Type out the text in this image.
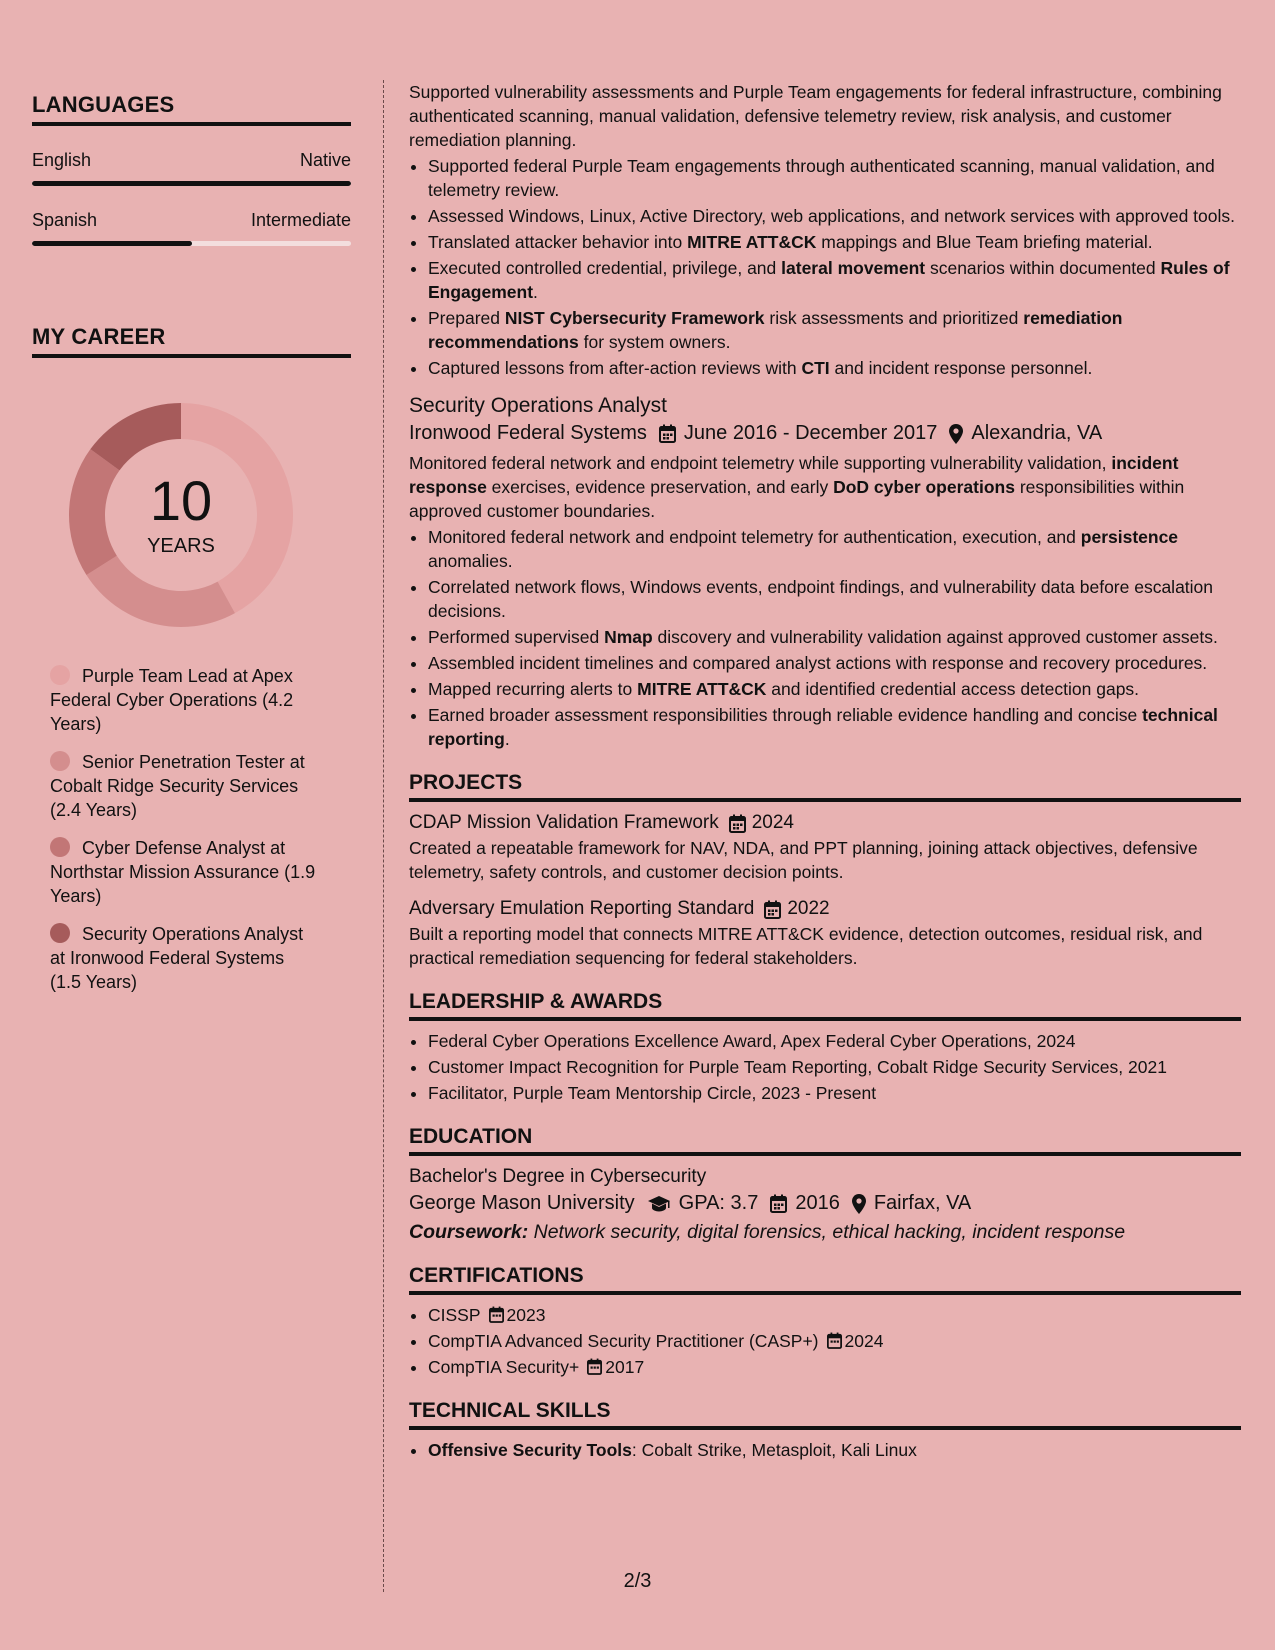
LANGUAGES
English	Native
Spanish	Intermediate
MY CAREER
10
YEARS
Purple Team Lead at Apex Federal Cyber Operations (4.2 Years)
Senior Penetration Tester at Cobalt Ridge Security Services (2.4 Years)
Cyber Defense Analyst at Northstar Mission Assurance (1.9 Years)
Security Operations Analyst at Ironwood Federal Systems (1.5 Years)

Supported vulnerability assessments and Purple Team engagements for federal infrastructure, combining authenticated scanning, manual validation, defensive telemetry review, risk analysis, and customer remediation planning.

• Supported federal Purple Team engagements through authenticated scanning, manual validation, and telemetry review.
• Assessed Windows, Linux, Active Directory, web applications, and network services with approved tools.
• Translated attacker behavior into MITRE ATT&CK mappings and Blue Team briefing material.
• Executed controlled credential, privilege, and lateral movement scenarios within documented Rules of Engagement.
• Prepared NIST Cybersecurity Framework risk assessments and prioritized remediation recommendations for system owners.
• Captured lessons from after-action reviews with CTI and incident response personnel.
Security Operations Analyst
Ironwood Federal Systems June 2016 - December 2017 Alexandria, VA

Monitored federal network and endpoint telemetry while supporting vulnerability validation, incident response exercises, evidence preservation, and early DoD cyber operations responsibilities within approved customer boundaries.

• Monitored federal network and endpoint telemetry for authentication, execution, and persistence anomalies.
• Correlated network flows, Windows events, endpoint findings, and vulnerability data before escalation decisions.
• Performed supervised Nmap discovery and vulnerability validation against approved customer assets.
• Assembled incident timelines and compared analyst actions with response and recovery procedures.
• Mapped recurring alerts to MITRE ATT&CK and identified credential access detection gaps.
• Earned broader assessment responsibilities through reliable evidence handling and concise technical reporting.
PROJECTS
CDAP Mission Validation Framework 2024

Created a repeatable framework for NAV, NDA, and PPT planning, joining attack objectives, defensive telemetry, safety controls, and customer decision points.

Adversary Emulation Reporting Standard 2022

Built a reporting model that connects MITRE ATT&CK evidence, detection outcomes, residual risk, and practical remediation sequencing for federal stakeholders.

LEADERSHIP & AWARDS
• Federal Cyber Operations Excellence Award, Apex Federal Cyber Operations, 2024
• Customer Impact Recognition for Purple Team Reporting, Cobalt Ridge Security Services, 2021
• Facilitator, Purple Team Mentorship Circle, 2023 - Present
EDUCATION
Bachelor's Degree in Cybersecurity
George Mason University GPA: 3.7 2016 Fairfax, VA

Coursework: Network security, digital forensics, ethical hacking, incident response

CERTIFICATIONS
• CISSP 2023
• CompTIA Advanced Security Practitioner (CASP+) 2024
• CompTIA Security+ 2017
TECHNICAL SKILLS
• Offensive Security Tools: Cobalt Strike, Metasploit, Kali Linux
2/3
